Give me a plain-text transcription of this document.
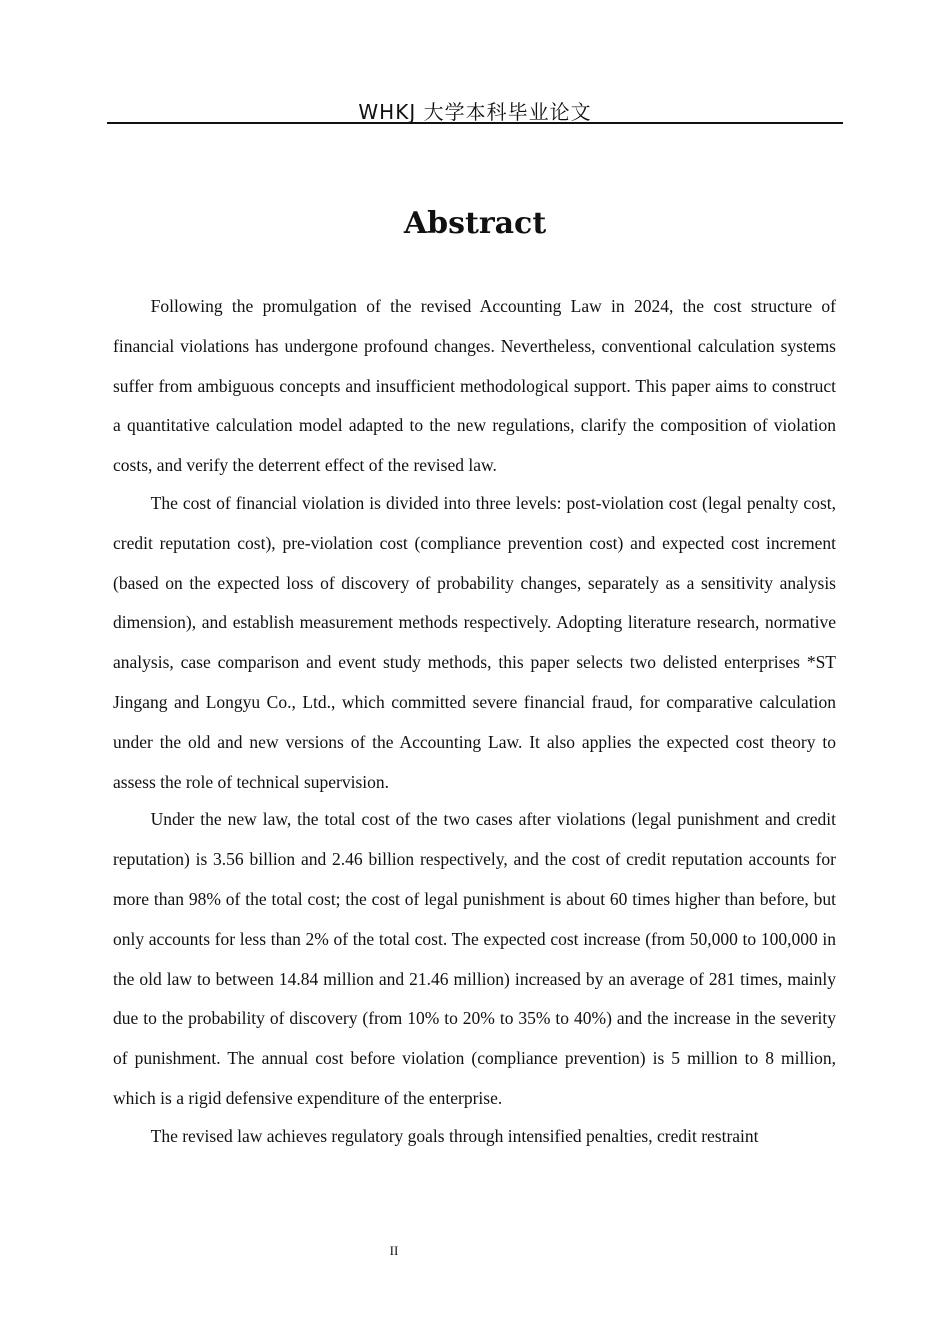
WHKJ 大学本科毕业论文
Abstract

Following the promulgation of the revised Accounting Law in 2024, the cost structure of financial violations has undergone profound changes. Nevertheless, conventional calculation systems suffer from ambiguous concepts and insufficient methodological support. This paper aims to construct a quantitative calculation model adapted to the new regulations, clarify the composition of violation costs, and verify the deterrent effect of the revised law.

The cost of financial violation is divided into three levels: post-violation cost (legal penalty cost, credit reputation cost), pre-violation cost (compliance prevention cost) and expected cost increment (based on the expected loss of discovery of probability changes, separately as a sensitivity analysis dimension), and establish measurement methods respectively. Adopting literature research, normative analysis, case comparison and event study methods, this paper selects two delisted enterprises *ST Jingang and Longyu Co., Ltd., which committed severe financial fraud, for comparative calculation under the old and new versions of the Accounting Law. It also applies the expected cost theory to assess the role of technical supervision.

Under the new law, the total cost of the two cases after violations (legal punishment and credit reputation) is 3.56 billion and 2.46 billion respectively, and the cost of credit reputation accounts for more than 98% of the total cost; the cost of legal punishment is about 60 times higher than before, but only accounts for less than 2% of the total cost. The expected cost increase (from 50,000 to 100,000 in the old law to between 14.84 million and 21.46 million) increased by an average of 281 times, mainly due to the probability of discovery (from 10% to 20% to 35% to 40%) and the increase in the severity of punishment. The annual cost before violation (compliance prevention) is 5 million to 8 million, which is a rigid defensive expenditure of the enterprise.

The revised law achieves regulatory goals through intensified penalties, credit restraint

II
